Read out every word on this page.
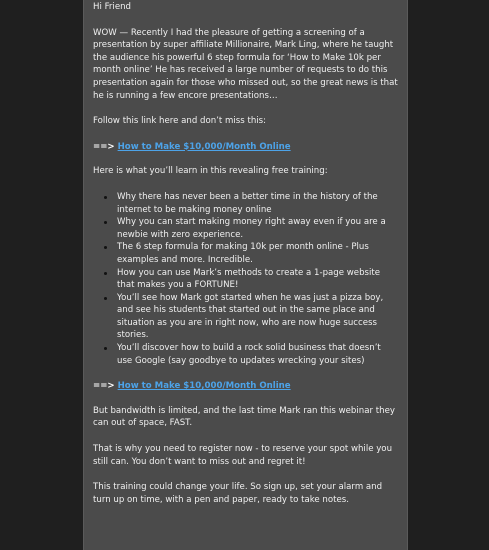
Hi Friend

WOW — Recently I had the pleasure of getting a screening of a presentation by super affiliate Millionaire, Mark Ling, where he taught the audience his powerful 6 step formula for ‘How to Make 10k per month online’ He has received a large number of requests to do this presentation again for those who missed out, so the great news is that he is running a few encore presentations…

Follow this link here and don’t miss this:

==> How to Make $10,000/Month Online

Here is what you’ll learn in this revealing free training:

Why there has never been a better time in the history of the internet to be making money online
Why you can start making money right away even if you are a newbie with zero experience.
The 6 step formula for making 10k per month online - Plus examples and more. Incredible.
How you can use Mark’s methods to create a 1-page website that makes you a FORTUNE!
You’ll see how Mark got started when he was just a pizza boy, and see his students that started out in the same place and situation as you are in right now, who are now huge success stories.
You’ll discover how to build a rock solid business that doesn’t use Google (say goodbye to updates wrecking your sites)

==> How to Make $10,000/Month Online

But bandwidth is limited, and the last time Mark ran this webinar they can out of space, FAST.

That is why you need to register now - to reserve your spot while you still can. You don’t want to miss out and regret it!

This training could change your life. So sign up, set your alarm and turn up on time, with a pen and paper, ready to take notes.
